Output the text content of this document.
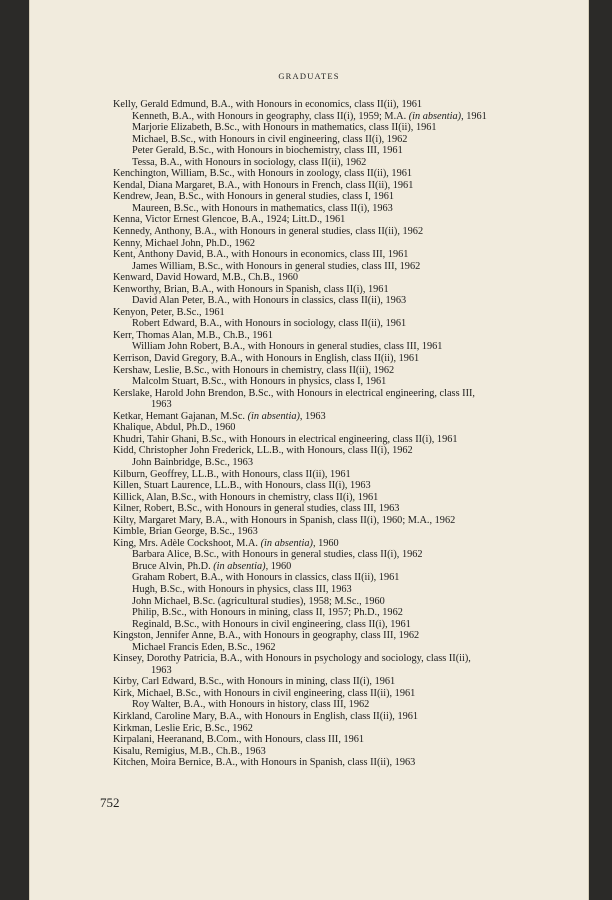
GRADUATES
Kelly, Gerald Edmund, B.A., with Honours in economics, class II(ii), 1961
Kenneth, B.A., with Honours in geography, class II(i), 1959; M.A. (in absentia), 1961
Marjorie Elizabeth, B.Sc., with Honours in mathematics, class II(ii), 1961
Michael, B.Sc., with Honours in civil engineering, class II(i), 1962
Peter Gerald, B.Sc., with Honours in biochemistry, class III, 1961
Tessa, B.A., with Honours in sociology, class II(ii), 1962
Kenchington, William, B.Sc., with Honours in zoology, class II(ii), 1961
Kendal, Diana Margaret, B.A., with Honours in French, class II(ii), 1961
Kendrew, Jean, B.Sc., with Honours in general studies, class I, 1961
Maureen, B.Sc., with Honours in mathematics, class II(i), 1963
Kenna, Victor Ernest Glencoe, B.A., 1924; Litt.D., 1961
Kennedy, Anthony, B.A., with Honours in general studies, class II(ii), 1962
Kenny, Michael John, Ph.D., 1962
Kent, Anthony David, B.A., with Honours in economics, class III, 1961
James William, B.Sc., with Honours in general studies, class III, 1962
Kenward, David Howard, M.B., Ch.B., 1960
Kenworthy, Brian, B.A., with Honours in Spanish, class II(i), 1961
David Alan Peter, B.A., with Honours in classics, class II(ii), 1963
Kenyon, Peter, B.Sc., 1961
Robert Edward, B.A., with Honours in sociology, class II(ii), 1961
Kerr, Thomas Alan, M.B., Ch.B., 1961
William John Robert, B.A., with Honours in general studies, class III, 1961
Kerrison, David Gregory, B.A., with Honours in English, class II(ii), 1961
Kershaw, Leslie, B.Sc., with Honours in chemistry, class II(ii), 1962
Malcolm Stuart, B.Sc., with Honours in physics, class I, 1961
Kerslake, Harold John Brendon, B.Sc., with Honours in electrical engineering, class III,
1963
Ketkar, Hemant Gajanan, M.Sc. (in absentia), 1963
Khalique, Abdul, Ph.D., 1960
Khudri, Tahir Ghani, B.Sc., with Honours in electrical engineering, class II(i), 1961
Kidd, Christopher John Frederick, LL.B., with Honours, class II(i), 1962
John Bainbridge, B.Sc., 1963
Kilburn, Geoffrey, LL.B., with Honours, class II(ii), 1961
Killen, Stuart Laurence, LL.B., with Honours, class II(i), 1963
Killick, Alan, B.Sc., with Honours in chemistry, class II(i), 1961
Kilner, Robert, B.Sc., with Honours in general studies, class III, 1963
Kilty, Margaret Mary, B.A., with Honours in Spanish, class II(i), 1960; M.A., 1962
Kimble, Brian George, B.Sc., 1963
King, Mrs. Adèle Cockshoot, M.A. (in absentia), 1960
Barbara Alice, B.Sc., with Honours in general studies, class II(i), 1962
Bruce Alvin, Ph.D. (in absentia), 1960
Graham Robert, B.A., with Honours in classics, class II(ii), 1961
Hugh, B.Sc., with Honours in physics, class III, 1963
John Michael, B.Sc. (agricultural studies), 1958; M.Sc., 1960
Philip, B.Sc., with Honours in mining, class II, 1957; Ph.D., 1962
Reginald, B.Sc., with Honours in civil engineering, class II(i), 1961
Kingston, Jennifer Anne, B.A., with Honours in geography, class III, 1962
Michael Francis Eden, B.Sc., 1962
Kinsey, Dorothy Patricia, B.A., with Honours in psychology and sociology, class II(ii),
1963
Kirby, Carl Edward, B.Sc., with Honours in mining, class II(i), 1961
Kirk, Michael, B.Sc., with Honours in civil engineering, class II(ii), 1961
Roy Walter, B.A., with Honours in history, class III, 1962
Kirkland, Caroline Mary, B.A., with Honours in English, class II(ii), 1961
Kirkman, Leslie Eric, B.Sc., 1962
Kirpalani, Heeranand, B.Com., with Honours, class III, 1961
Kisalu, Remigius, M.B., Ch.B., 1963
Kitchen, Moira Bernice, B.A., with Honours in Spanish, class II(ii), 1963
752
